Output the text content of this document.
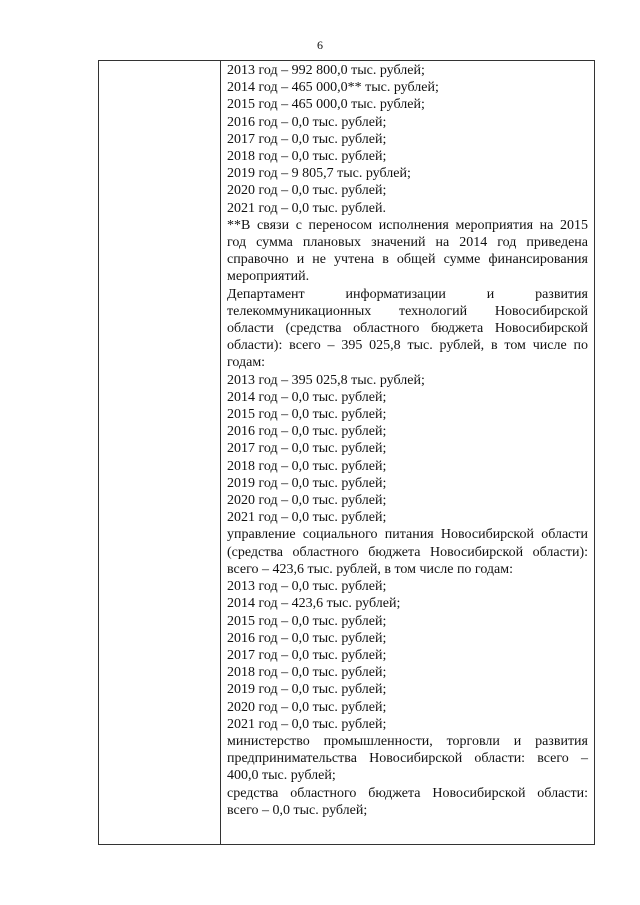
6
2013 год – 992 800,0 тыс. рублей;
2014 год – 465 000,0** тыс. рублей;
2015 год – 465 000,0 тыс. рублей;
2016 год – 0,0 тыс. рублей;
2017 год – 0,0 тыс. рублей;
2018 год – 0,0 тыс. рублей;
2019 год – 9 805,7 тыс. рублей;
2020 год – 0,0 тыс. рублей;
2021 год – 0,0 тыс. рублей.
**В связи с переносом исполнения мероприятия на 2015 год сумма плановых значений на 2014 год приведена справочно и не учтена в общей сумме финансирования мероприятий.
Департамент информатизации и развития
телекоммуникационных технологий Новосибирской области (средства областного бюджета Новосибирской области): всего – 395 025,8 тыс. рублей, в том числе по годам:
2013 год – 395 025,8 тыс. рублей;
2014 год – 0,0 тыс. рублей;
2015 год – 0,0 тыс. рублей;
2016 год – 0,0 тыс. рублей;
2017 год – 0,0 тыс. рублей;
2018 год – 0,0 тыс. рублей;
2019 год – 0,0 тыс. рублей;
2020 год – 0,0 тыс. рублей;
2021 год – 0,0 тыс. рублей;
управление социального питания Новосибирской области (средства областного бюджета Новосибирской области): всего – 423,6 тыс. рублей, в том числе по годам:
2013 год – 0,0 тыс. рублей;
2014 год – 423,6 тыс. рублей;
2015 год – 0,0 тыс. рублей;
2016 год – 0,0 тыс. рублей;
2017 год – 0,0 тыс. рублей;
2018 год – 0,0 тыс. рублей;
2019 год – 0,0 тыс. рублей;
2020 год – 0,0 тыс. рублей;
2021 год – 0,0 тыс. рублей;
министерство промышленности, торговли и развития предпринимательства Новосибирской области: всего – 400,0 тыс. рублей;
средства областного бюджета Новосибирской области: всего – 0,0 тыс. рублей;
